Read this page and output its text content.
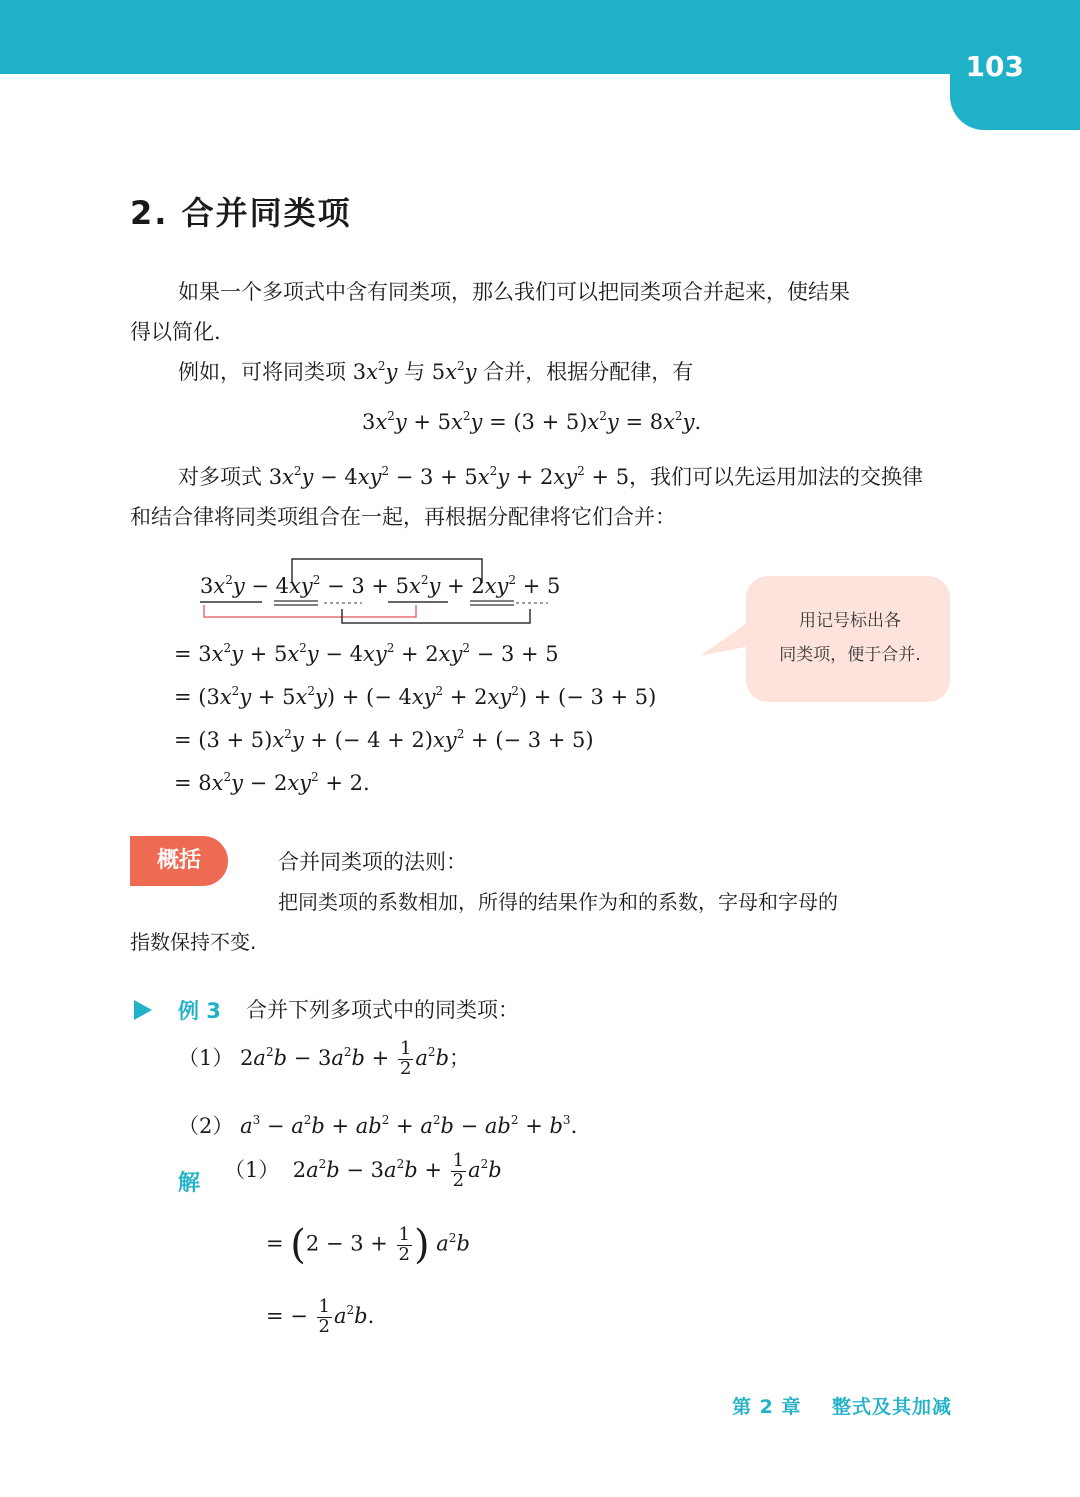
103
2. 合并同类项
如果一个多项式中含有同类项，那么我们可以把同类项合并起来，使结果
得以简化.
例如，可将同类项 $3x^2y$ 与 $5x^2y$ 合并，根据分配律，有
$3x^2y + 5x^2y = (3 + 5)x^2y = 8x^2y$.
对多项式 $3x^2y - 4xy^2 - 3 + 5x^2y + 2xy^2 + 5$，我们可以先运用加法的交换律
和结合律将同类项组合在一起，再根据分配律将它们合并：
$3x^2y - 4xy^2 - 3 + 5x^2y + 2xy^2 + 5$
= $3x^2y + 5x^2y - 4xy^2 + 2xy^2 - 3 + 5$
= $(3x^2y + 5x^2y)$ + (− $4xy^2 + 2xy^2$) + (− 3 + 5)
= $(3 + 5)x^2y$ + (− $4 + 2)xy^2$ + (− 3 + 5)
= $8x^2y - 2xy^2 + 2$.
用记号标出各
同类项，便于合并.
概括	合并同类项的法则：
把同类项的系数相加，所得的结果作为和的系数，字母和字母的
指数保持不变.
例 3 合并下列多项式中的同类项：
（1） $2a^2b - 3a^2b + \frac{1}{2} a^2b$；
（2） $a^3 - a^2b + ab^2 + a^2b - ab^2 + b^3$.
解
（1）  $2a^2b - 3a^2b + \frac{1}{2} a^2b$
= ($2 - 3 + \frac{1}{2}$ ) $a^2b$
= − $\frac{1}{2} a^2b$.
第 2 章 整式及其加减
